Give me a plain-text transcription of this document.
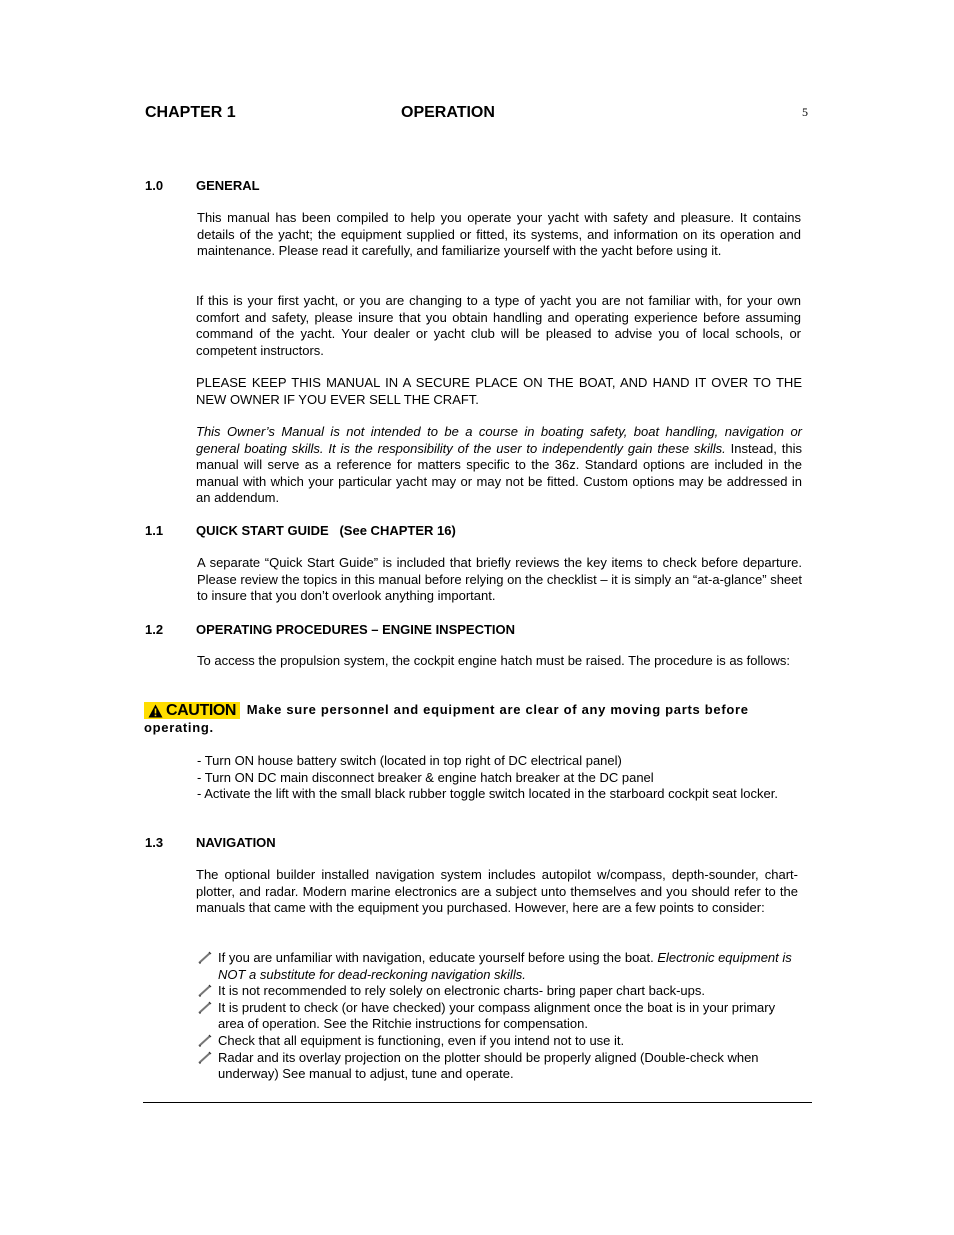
CHAPTER 1	OPERATION	5
1.0	GENERAL
This manual has been compiled to help you operate your yacht with safety and pleasure. It contains details of the yacht; the equipment supplied or fitted, its systems, and information on its operation and maintenance. Please read it carefully, and familiarize yourself with the yacht before using it.
If this is your first yacht, or you are changing to a type of yacht you are not familiar with, for your own comfort and safety, please insure that you obtain handling and operating experience before assuming command of the yacht. Your dealer or yacht club will be pleased to advise you of local schools, or competent instructors.
PLEASE KEEP THIS MANUAL IN A SECURE PLACE ON THE BOAT, AND HAND IT OVER TO THE NEW OWNER IF YOU EVER SELL THE CRAFT.
This Owner’s Manual is not intended to be a course in boating safety, boat handling, navigation or general boating skills. It is the responsibility of the user to independently gain these skills. Instead, this manual will serve as a reference for matters specific to the 36z. Standard options are included in the manual with which your particular yacht may or may not be fitted. Custom options may be addressed in an addendum.
1.1	QUICK START GUIDE   (See CHAPTER 16)
A separate “Quick Start Guide” is included that briefly reviews the key items to check before departure. Please review the topics in this manual before relying on the checklist – it is simply an “at-a-glance” sheet to insure that you don’t overlook anything important.
1.2	OPERATING PROCEDURES – ENGINE INSPECTION
To access the propulsion system, the cockpit engine hatch must be raised. The procedure is as follows:
CAUTION Make sure personnel and equipment are clear of any moving parts before operating.
- Turn ON house battery switch (located in top right of DC electrical panel)
- Turn ON DC main disconnect breaker & engine hatch breaker at the DC panel
- Activate the lift with the small black rubber toggle switch located in the starboard cockpit seat locker.
1.3	NAVIGATION
The optional builder installed navigation system includes autopilot w/compass, depth-sounder, chart-plotter, and radar. Modern marine electronics are a subject unto themselves and you should refer to the manuals that came with the equipment you purchased. However, here are a few points to consider:
If you are unfamiliar with navigation, educate yourself before using the boat. Electronic equipment is NOT a substitute for dead-reckoning navigation skills.
It is not recommended to rely solely on electronic charts- bring paper chart back-ups.
It is prudent to check (or have checked) your compass alignment once the boat is in your primary area of operation. See the Ritchie instructions for compensation.
Check that all equipment is functioning, even if you intend not to use it.
Radar and its overlay projection on the plotter should be properly aligned (Double-check when underway) See manual to adjust, tune and operate.
